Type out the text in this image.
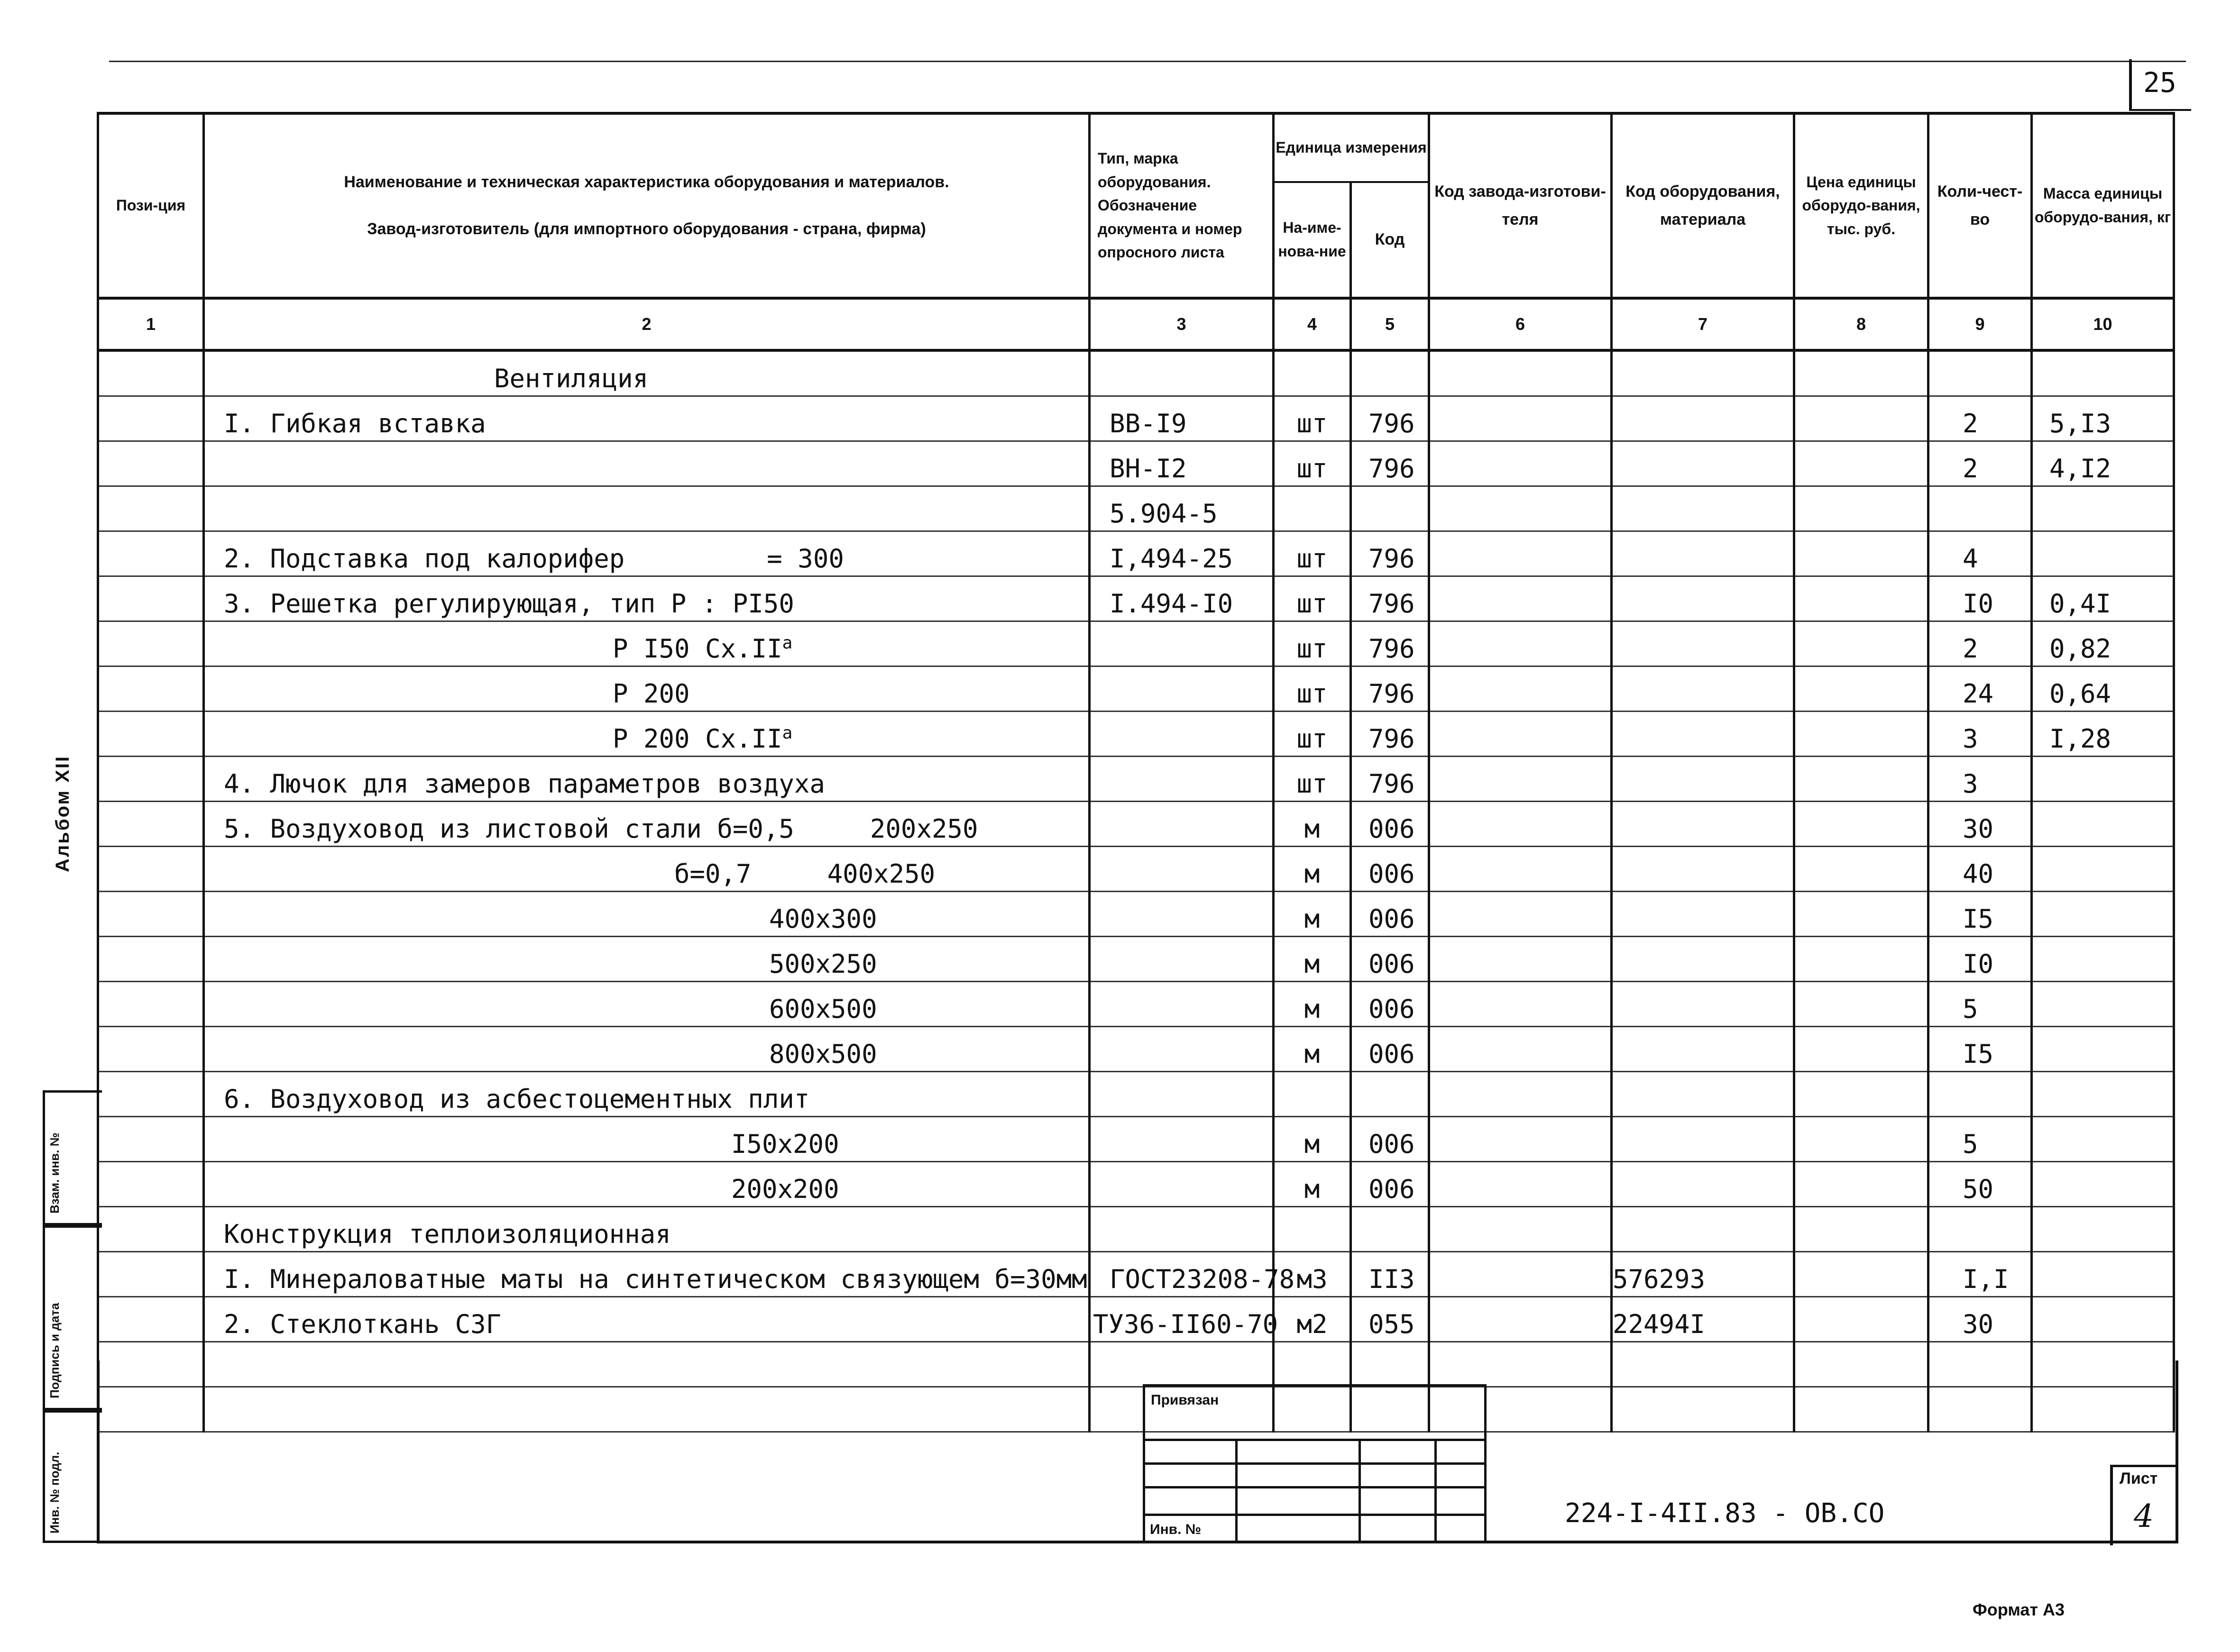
25
Альбом XII
Взам. инв. №
Подпись и дата
Инв. № подл.
Пози-ция	Наименование и техническая характеристика оборудования и материалов.
Завод-изготовитель (для импортного оборудования - страна, фирма)	Тип, марка оборудования. Обозначение документа и номер опросного листа	Единица измерения		Код завода-изготови-теля	Код оборудования, материала	Цена единицы оборудо-вания, тыс. руб.	Коли-чест-во	Масса единицы оборудо-вания, кг
			На-име-нова-ние	Код					
1	2	3	4	5	6	7	8	9	10
	Вентиляция								
	I. Гибкая вставка	ВВ-I9	шт	796				2	5,I3
		ВН-I2	шт	796				2	4,I2
		5.904-5							
	2. Подставка под калорифер = 300	I,494-25	шт	796				4	
	3. Решетка регулирующая, тип Р : PI50	I.494-I0	шт	796				I0	0,4I
	Р I50 $Сх.II^a$		шт	796				2	0,82
	Р 200		шт	796				24	0,64
	Р 200 $Сх.II^a$		шт	796				3	I,28
	4. Лючок для замеров параметров воздуха		шт	796				3	
	5. Воздуховод из листовой стали б=0,5 200х250		м	006				30	
	б=0,7 400х250		м	006				40	
	400х300		м	006				I5	
	500х250		м	006				I0	
	600х500		м	006				5	
	800х500		м	006				I5	
	6. Воздуховод из асбестоцементных плит								
	I50х200		м	006				5	
	200х200		м	006				50	
	Конструкция теплоизоляционная								
	I. Минераловатные маты на синтетическом связующем б=30мм	ГОСТ23208-78	м3	II3		576293		I,I	
	2. Стеклоткань СЗГ	ТУ36-II60-70	м2	055		22494I		30	

Привязан
Инв. №
224-I-4II.83 - ОВ.СО
Лист
4
Формат А3
